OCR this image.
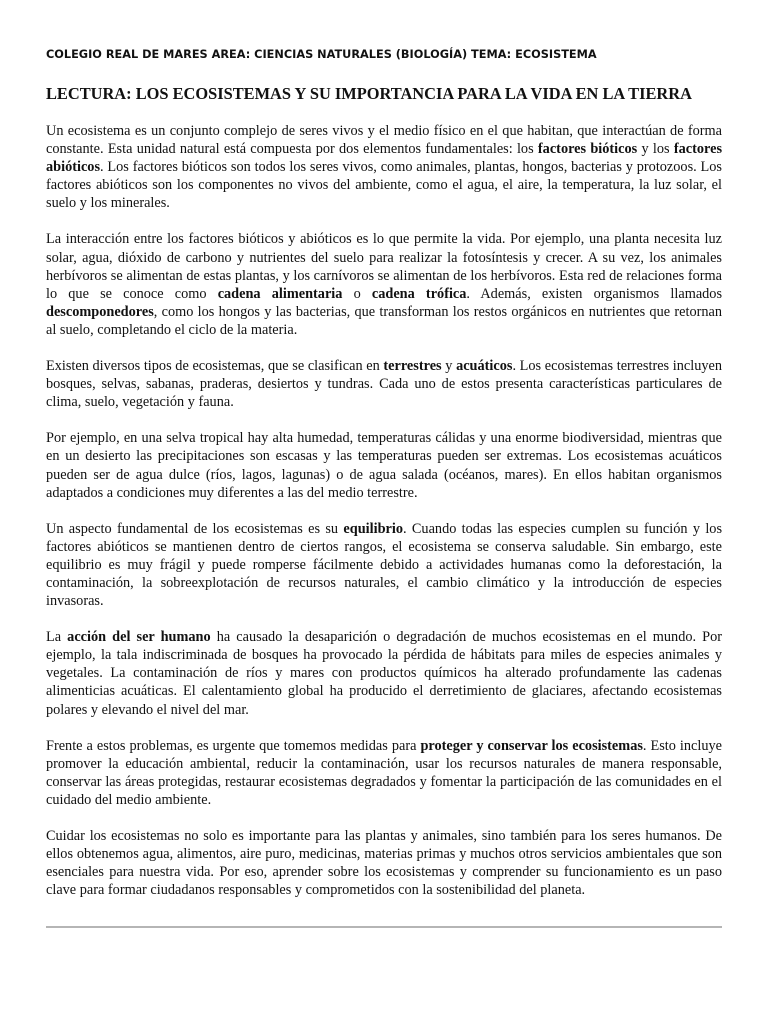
COLEGIO REAL DE MARES AREA: CIENCIAS NATURALES (BIOLOGÍA) TEMA: ECOSISTEMA
LECTURA: LOS ECOSISTEMAS Y SU IMPORTANCIA PARA LA VIDA EN LA TIERRA

Un ecosistema es un conjunto complejo de seres vivos y el medio físico en el que habitan, que interactúan de forma constante. Esta unidad natural está compuesta por dos elementos fundamentales: los factores bióticos y los factores abióticos. Los factores bióticos son todos los seres vivos, como animales, plantas, hongos, bacterias y protozoos. Los factores abióticos son los componentes no vivos del ambiente, como el agua, el aire, la temperatura, la luz solar, el suelo y los minerales.

La interacción entre los factores bióticos y abióticos es lo que permite la vida. Por ejemplo, una planta necesita luz solar, agua, dióxido de carbono y nutrientes del suelo para realizar la fotosíntesis y crecer. A su vez, los animales herbívoros se alimentan de estas plantas, y los carnívoros se alimentan de los herbívoros. Esta red de relaciones forma lo que se conoce como cadena alimentaria o cadena trófica. Además, existen organismos llamados descomponedores, como los hongos y las bacterias, que transforman los restos orgánicos en nutrientes que retornan al suelo, completando el ciclo de la materia.

Existen diversos tipos de ecosistemas, que se clasifican en terrestres y acuáticos. Los ecosistemas terrestres incluyen bosques, selvas, sabanas, praderas, desiertos y tundras. Cada uno de estos presenta características particulares de clima, suelo, vegetación y fauna.

Por ejemplo, en una selva tropical hay alta humedad, temperaturas cálidas y una enorme biodiversidad, mientras que en un desierto las precipitaciones son escasas y las temperaturas pueden ser extremas. Los ecosistemas acuáticos pueden ser de agua dulce (ríos, lagos, lagunas) o de agua salada (océanos, mares). En ellos habitan organismos adaptados a condiciones muy diferentes a las del medio terrestre.

Un aspecto fundamental de los ecosistemas es su equilibrio. Cuando todas las especies cumplen su función y los factores abióticos se mantienen dentro de ciertos rangos, el ecosistema se conserva saludable. Sin embargo, este equilibrio es muy frágil y puede romperse fácilmente debido a actividades humanas como la deforestación, la contaminación, la sobreexplotación de recursos naturales, el cambio climático y la introducción de especies invasoras.

La acción del ser humano ha causado la desaparición o degradación de muchos ecosistemas en el mundo. Por ejemplo, la tala indiscriminada de bosques ha provocado la pérdida de hábitats para miles de especies animales y vegetales. La contaminación de ríos y mares con productos químicos ha alterado profundamente las cadenas alimenticias acuáticas. El calentamiento global ha producido el derretimiento de glaciares, afectando ecosistemas polares y elevando el nivel del mar.

Frente a estos problemas, es urgente que tomemos medidas para proteger y conservar los ecosistemas. Esto incluye promover la educación ambiental, reducir la contaminación, usar los recursos naturales de manera responsable, conservar las áreas protegidas, restaurar ecosistemas degradados y fomentar la participación de las comunidades en el cuidado del medio ambiente.

Cuidar los ecosistemas no solo es importante para las plantas y animales, sino también para los seres humanos. De ellos obtenemos agua, alimentos, aire puro, medicinas, materias primas y muchos otros servicios ambientales que son esenciales para nuestra vida. Por eso, aprender sobre los ecosistemas y comprender su funcionamiento es un paso clave para formar ciudadanos responsables y comprometidos con la sostenibilidad del planeta.
